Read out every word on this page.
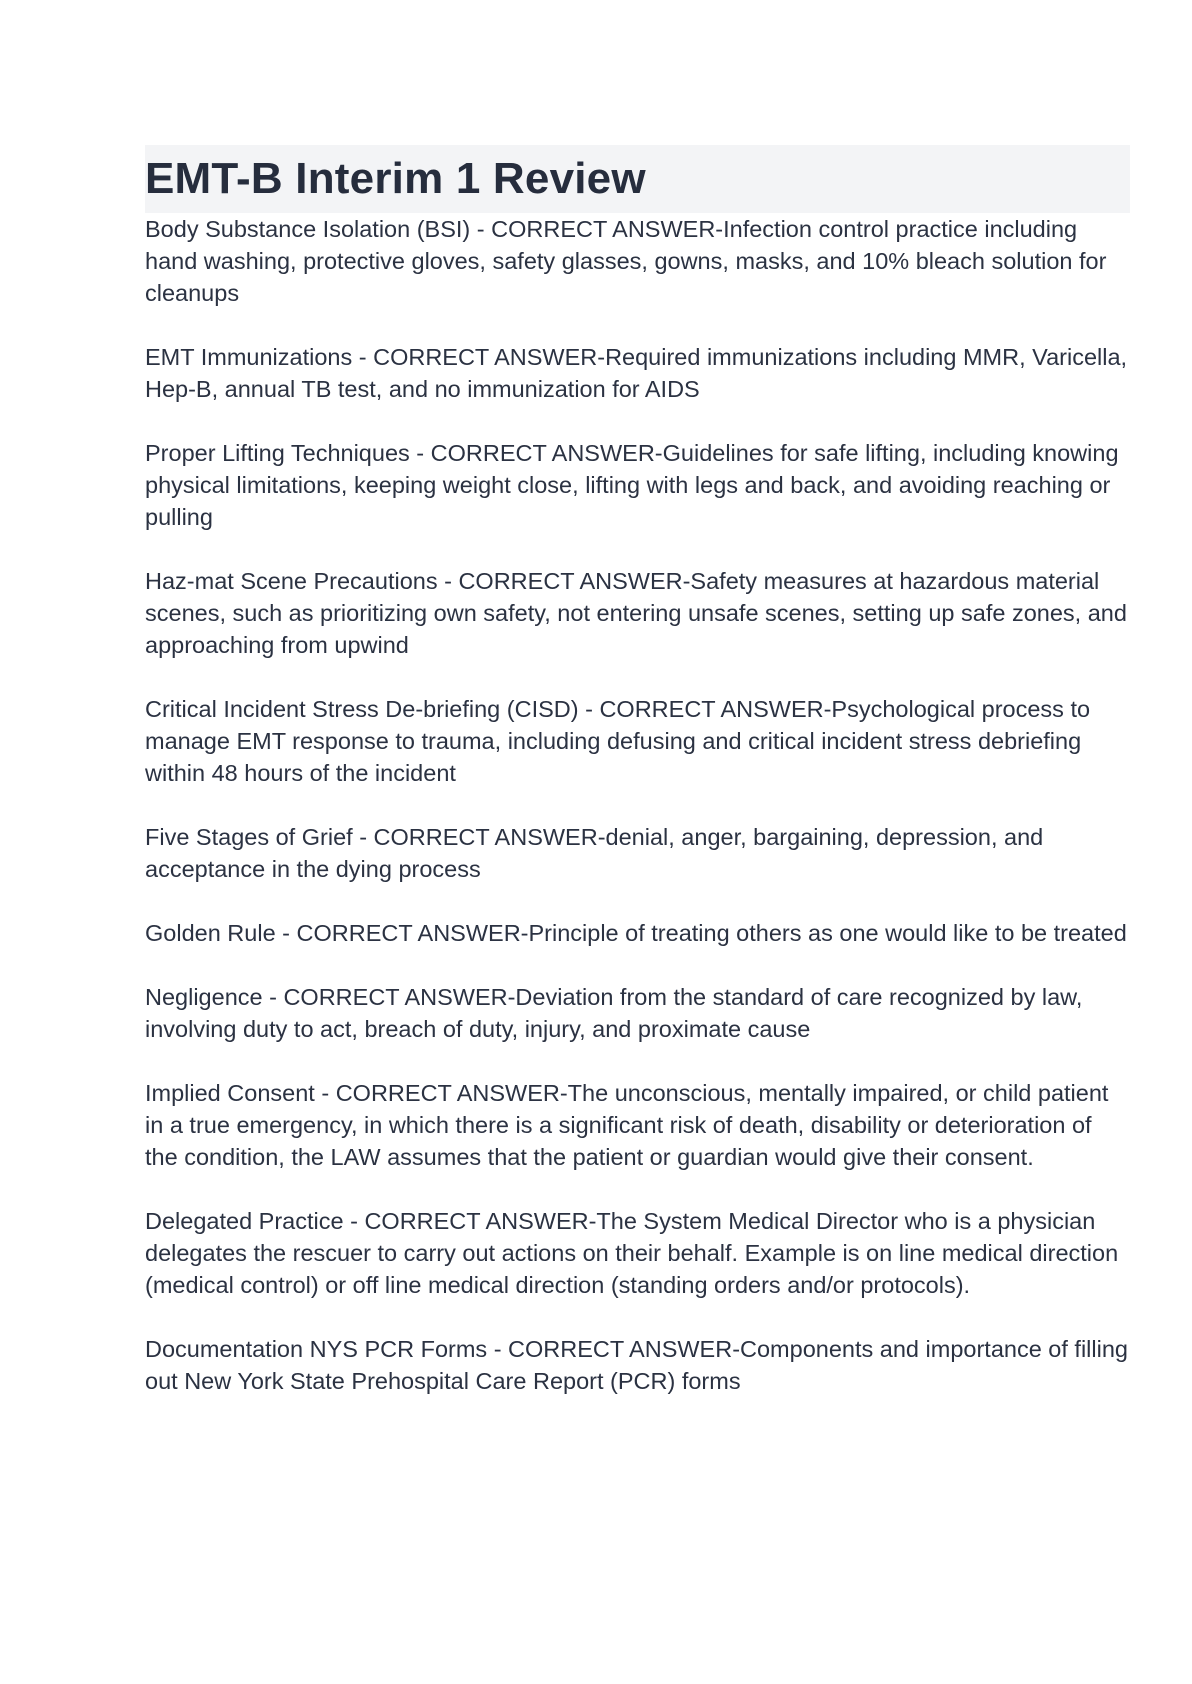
EMT-B Interim 1 Review

Body Substance Isolation (BSI) - CORRECT ANSWER-Infection control practice including hand washing, protective gloves, safety glasses, gowns, masks, and 10% bleach solution for cleanups

EMT Immunizations - CORRECT ANSWER-Required immunizations including MMR, Varicella, Hep-B, annual TB test, and no immunization for AIDS

Proper Lifting Techniques - CORRECT ANSWER-Guidelines for safe lifting, including knowing physical limitations, keeping weight close, lifting with legs and back, and avoiding reaching or pulling

Haz-mat Scene Precautions - CORRECT ANSWER-Safety measures at hazardous material scenes, such as prioritizing own safety, not entering unsafe scenes, setting up safe zones, and approaching from upwind

Critical Incident Stress De-briefing (CISD) - CORRECT ANSWER-Psychological process to manage EMT response to trauma, including defusing and critical incident stress debriefing within 48 hours of the incident

Five Stages of Grief - CORRECT ANSWER-denial, anger, bargaining, depression, and acceptance in the dying process

Golden Rule - CORRECT ANSWER-Principle of treating others as one would like to be treated

Negligence - CORRECT ANSWER-Deviation from the standard of care recognized by law, involving duty to act, breach of duty, injury, and proximate cause

Implied Consent - CORRECT ANSWER-The unconscious, mentally impaired, or child patient in a true emergency, in which there is a significant risk of death, disability or deterioration of the condition, the LAW assumes that the patient or guardian would give their consent.

Delegated Practice - CORRECT ANSWER-The System Medical Director who is a physician delegates the rescuer to carry out actions on their behalf. Example is on line medical direction (medical control) or off line medical direction (standing orders and/or protocols).

Documentation NYS PCR Forms - CORRECT ANSWER-Components and importance of filling out New York State Prehospital Care Report (PCR) forms
